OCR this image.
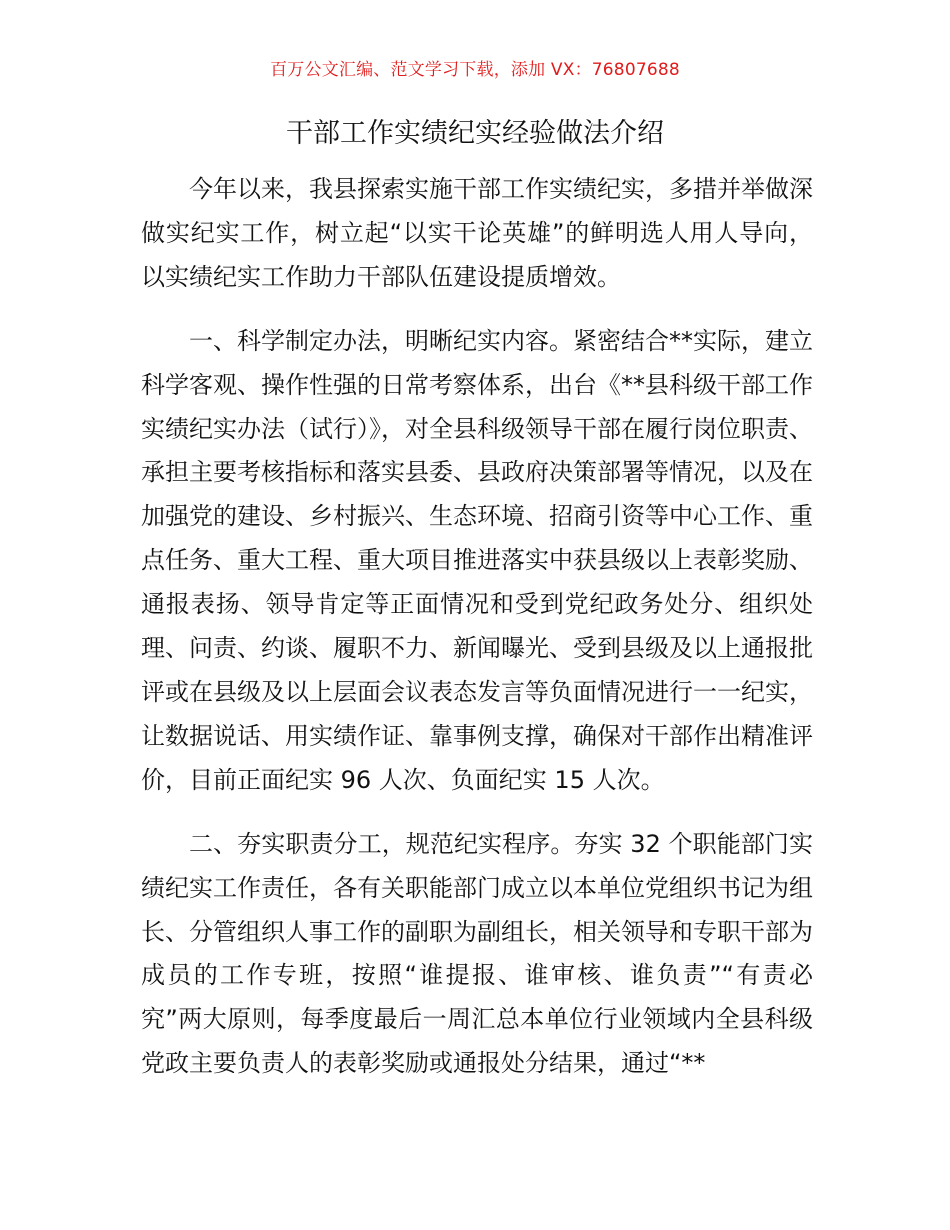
百万公文汇编、范文学习下载，添加 VX：76807688
干部工作实绩纪实经验做法介绍

今年以来，我县探索实施干部工作实绩纪实，多措并举做深做实纪实工作，树立起“以实干论英雄”的鲜明选人用人导向，以实绩纪实工作助力干部队伍建设提质增效。

一、科学制定办法，明晰纪实内容。紧密结合**实际，建立科学客观、操作性强的日常考察体系，出台《**县科级干部工作实绩纪实办法（试行）》，对全县科级领导干部在履行岗位职责、承担主要考核指标和落实县委、县政府决策部署等情况，以及在加强党的建设、乡村振兴、生态环境、招商引资等中心工作、重点任务、重大工程、重大项目推进落实中获县级以上表彰奖励、通报表扬、领导肯定等正面情况和受到党纪政务处分、组织处理、问责、约谈、履职不力、新闻曝光、受到县级及以上通报批评或在县级及以上层面会议表态发言等负面情况进行一一纪实，让数据说话、用实绩作证、靠事例支撑，确保对干部作出精准评价，目前正面纪实 96 人次、负面纪实 15 人次。

二、夯实职责分工，规范纪实程序。夯实 32 个职能部门实绩纪实工作责任，各有关职能部门成立以本单位党组织书记为组长、分管组织人事工作的副职为副组长，相关领导和专职干部为成员的工作专班，按照“谁提报、谁审核、谁负责”“有责必究”两大原则，每季度最后一周汇总本单位行业领域内全县科级党政主要负责人的表彰奖励或通报处分结果，通过“**
